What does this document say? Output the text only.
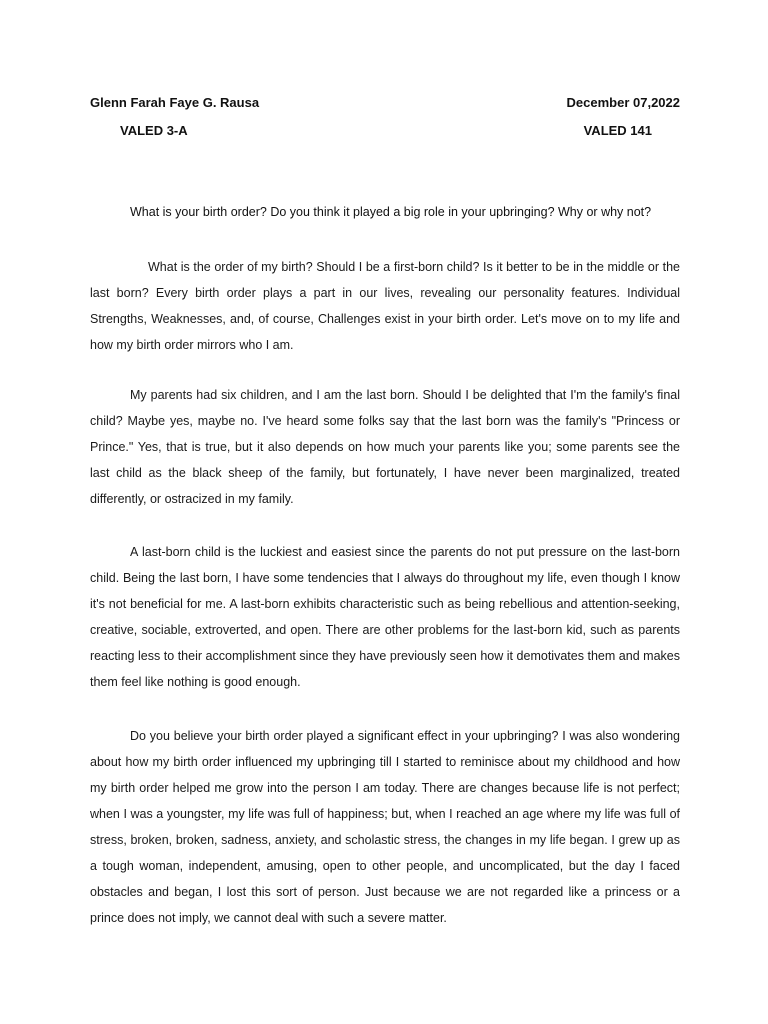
Glenn Farah Faye G. Rausa	December 07,2022
VALED 3-A	VALED 141
What is your birth order? Do you think it played a big role in your upbringing? Why or why not?

What is the order of my birth? Should I be a first-born child? Is it better to be in the middle or the last born? Every birth order plays a part in our lives, revealing our personality features. Individual Strengths, Weaknesses, and, of course, Challenges exist in your birth order. Let's move on to my life and how my birth order mirrors who I am.

My parents had six children, and I am the last born. Should I be delighted that I'm the family's final child? Maybe yes, maybe no. I've heard some folks say that the last born was the family's "Princess or Prince." Yes, that is true, but it also depends on how much your parents like you; some parents see the last child as the black sheep of the family, but fortunately, I have never been marginalized, treated differently, or ostracized in my family.

A last-born child is the luckiest and easiest since the parents do not put pressure on the last-born child. Being the last born, I have some tendencies that I always do throughout my life, even though I know it's not beneficial for me. A last-born exhibits characteristic such as being rebellious and attention-seeking, creative, sociable, extroverted, and open. There are other problems for the last-born kid, such as parents reacting less to their accomplishment since they have previously seen how it demotivates them and makes them feel like nothing is good enough.

Do you believe your birth order played a significant effect in your upbringing? I was also wondering about how my birth order influenced my upbringing till I started to reminisce about my childhood and how my birth order helped me grow into the person I am today. There are changes because life is not perfect; when I was a youngster, my life was full of happiness; but, when I reached an age where my life was full of stress, broken, broken, sadness, anxiety, and scholastic stress, the changes in my life began. I grew up as a tough woman, independent, amusing, open to other people, and uncomplicated, but the day I faced obstacles and began, I lost this sort of person. Just because we are not regarded like a princess or a prince does not imply, we cannot deal with such a severe matter.
